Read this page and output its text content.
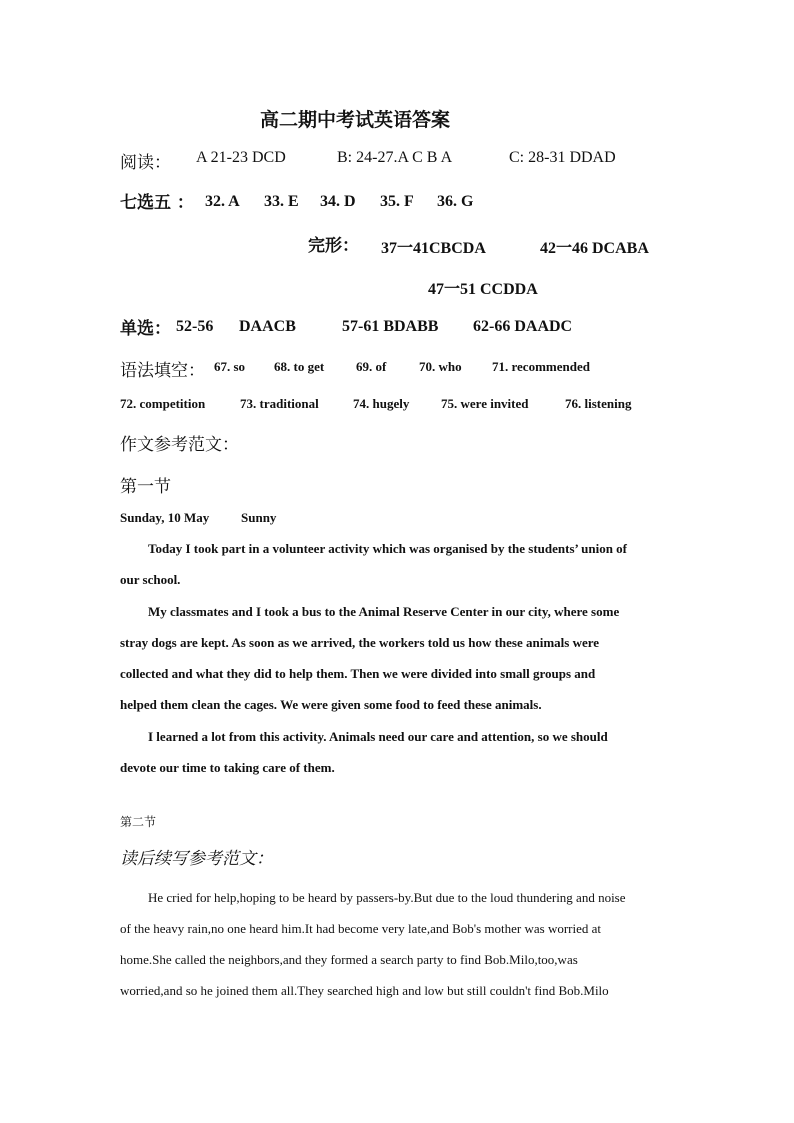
高二期中考试英语答案
阅读： A 21-23 DCD	B: 24-27.A C B A	C: 28-31 DDAD
七选五 ： 32. A 33. E 34. D 35. F 36. G
完形： 37一41CBCDA	42一46 DCABA
47一51 CCDDA
单选： 52-56 DAACB	57-61 BDABB 62-66 DAADC
语法填空： 67. so 68. to get 69. of	70. who 71. recommended
72. competition	73. traditional	74. hugely 75. were invited	76. listening
作文参考范文：
第一节
Sunday, 10 May Sunny
Today I took part in a volunteer activity which was organised by the students’ union of
our school.
My classmates and I took a bus to the Animal Reserve Center in our city, where some
stray dogs are kept. As soon as we arrived, the workers told us how these animals were
collected and what they did to help them. Then we were divided into small groups and
helped them clean the cages. We were given some food to feed these animals.
I learned a lot from this activity. Animals need our care and attention, so we should
devote our time to taking care of them.
第二节
读后续写参考范文：
He cried for help,hoping to be heard by passers-by.But due to the loud thundering and noise
of the heavy rain,no one heard him.It had become very late,and Bob's mother was worried at
home.She called the neighbors,and they formed a search party to find Bob.Milo,too,was
worried,and so he joined them all.They searched high and low but still couldn't find Bob.Milo
